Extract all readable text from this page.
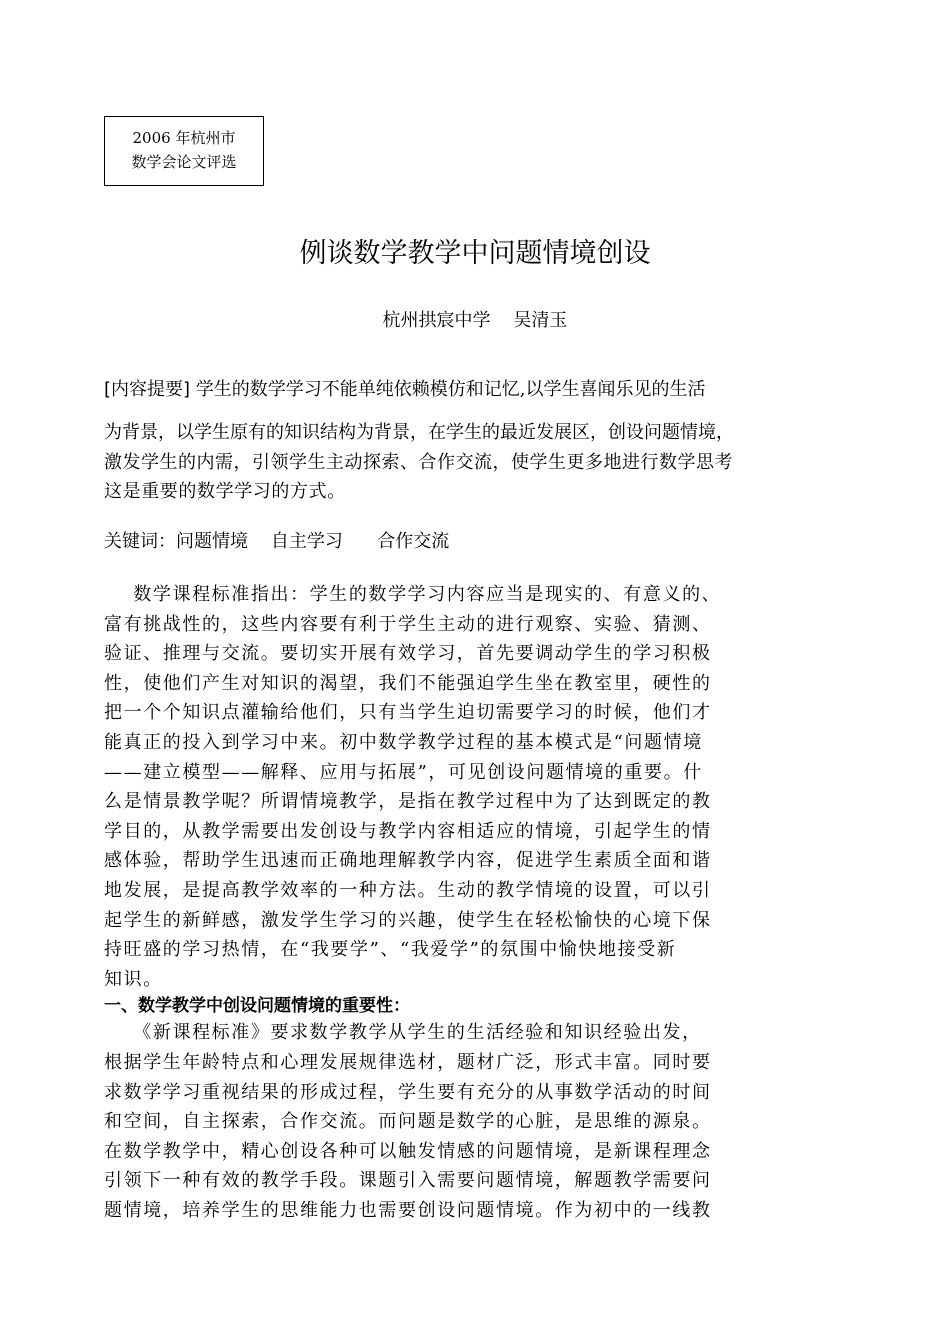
2006 年杭州市
数学会论文评选
例谈数学教学中问题情境创设
杭州拱宸中学    吴清玉
[内容提要] 学生的数学学习不能单纯依赖模仿和记忆,以学生喜闻乐见的生活
为背景，以学生原有的知识结构为背景，在学生的最近发展区，创设问题情境，
激发学生的内需，引领学生主动探索、合作交流，使学生更多地进行数学思考
这是重要的数学学习的方式。
关键词：问题情境    自主学习      合作交流
数学课程标准指出：学生的数学学习内容应当是现实的、有意义的、
富有挑战性的，这些内容要有利于学生主动的进行观察、实验、猜测、
验证、推理与交流。要切实开展有效学习，首先要调动学生的学习积极
性，使他们产生对知识的渴望，我们不能强迫学生坐在教室里，硬性的
把一个个知识点灌输给他们，只有当学生迫切需要学习的时候，他们才
能真正的投入到学习中来。初中数学教学过程的基本模式是“问题情境
——建立模型——解释、应用与拓展”，可见创设问题情境的重要。什
么是情景教学呢？所谓情境教学，是指在教学过程中为了达到既定的教
学目的，从教学需要出发创设与教学内容相适应的情境，引起学生的情
感体验，帮助学生迅速而正确地理解教学内容，促进学生素质全面和谐
地发展，是提高教学效率的一种方法。生动的教学情境的设置，可以引
起学生的新鲜感，激发学生学习的兴趣，使学生在轻松愉快的心境下保
持旺盛的学习热情，在“我要学”、“我爱学”的氛围中愉快地接受新
知识。
一、数学教学中创设问题情境的重要性：
《新课程标准》要求数学教学从学生的生活经验和知识经验出发，
根据学生年龄特点和心理发展规律选材，题材广泛，形式丰富。同时要
求数学学习重视结果的形成过程，学生要有充分的从事数学活动的时间
和空间，自主探索，合作交流。而问题是数学的心脏，是思维的源泉。
在数学教学中，精心创设各种可以触发情感的问题情境，是新课程理念
引领下一种有效的教学手段。课题引入需要问题情境，解题教学需要问
题情境，培养学生的思维能力也需要创设问题情境。作为初中的一线教
